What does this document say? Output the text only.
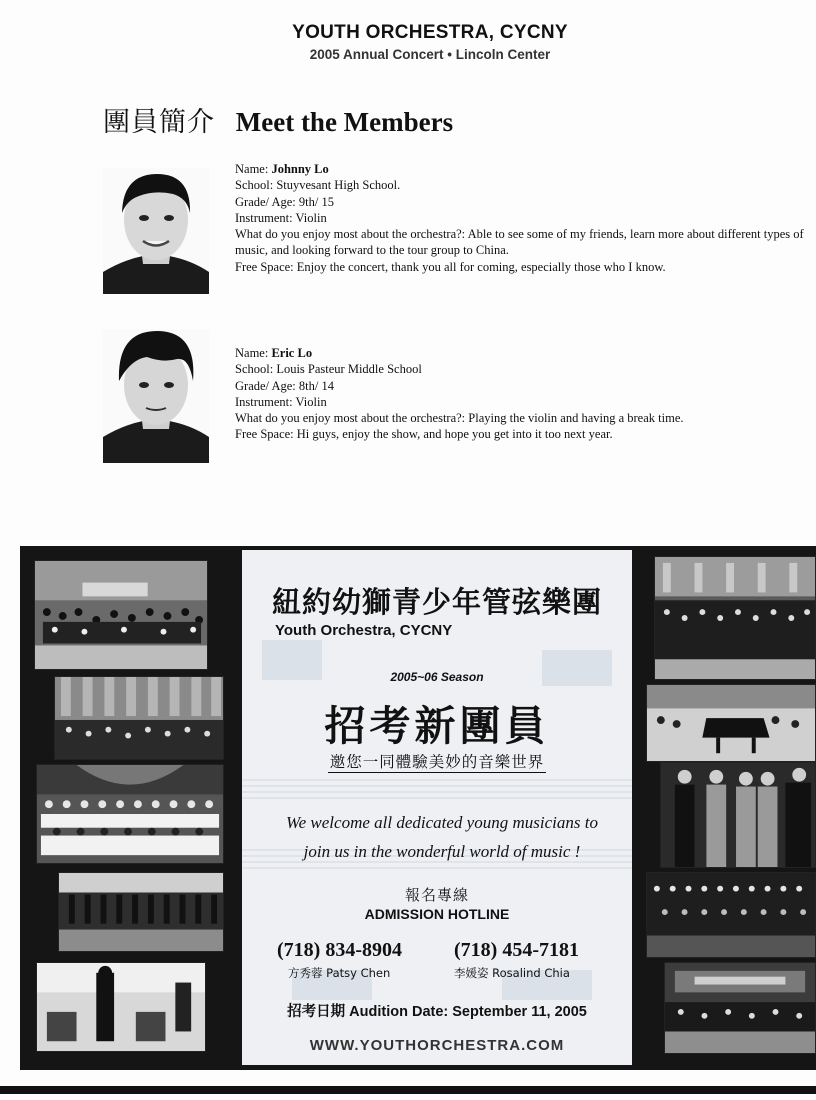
YOUTH ORCHESTRA, CYCNY
2005 Annual Concert • Lincoln Center
團員簡介 Meet the Members
Name: Johnny Lo
School: Stuyvesant High School.
Grade/ Age: 9th/ 15
Instrument: Violin
What do you enjoy most about the orchestra?: Able to see some of my friends, learn more about different types of music, and looking forward to the tour group to China.
Free Space: Enjoy the concert, thank you all for coming, especially those who I know.
Name: Eric Lo
School: Louis Pasteur Middle School
Grade/ Age: 8th/ 14
Instrument: Violin
What do you enjoy most about the orchestra?: Playing the violin and having a break time.
Free Space: Hi guys, enjoy the show, and hope you get into it too next year.
紐約幼獅青少年管弦樂團
Youth Orchestra, CYCNY
2005~06 Season
招考新團員
邀您一同體驗美妙的音樂世界
We welcome all dedicated young musicians to
join us in the wonderful world of music !
報名專線
ADMISSION HOTLINE
(718) 834-8904
方秀蓉 Patsy Chen
(718) 454-7181
李媛姿 Rosalind Chia
招考日期 Audition Date: September 11, 2005
WWW.YOUTHORCHESTRA.COM
